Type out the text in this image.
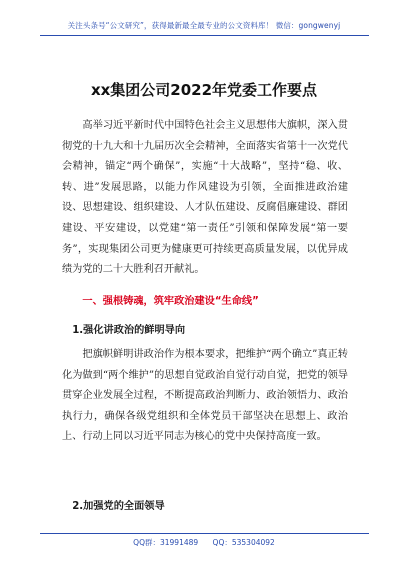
关注头条号“公文研究”，获得最新最全最专业的公文资料库！ 微信：gongwenyj
xx集团公司2022年党委工作要点

高举习近平新时代中国特色社会主义思想伟大旗帜，深入贯彻党的十九大和十九届历次全会精神，全面落实省第十一次党代会精神，锚定“两个确保”，实施“十大战略”，坚持“稳、收、转、进”发展思路，以能力作风建设为引领，全面推进政治建设、思想建设、组织建设、人才队伍建设、反腐倡廉建设、群团建设、平安建设，以党建“第一责任”引领和保障发展“第一要务”，实现集团公司更为健康更可持续更高质量发展，以优异成绩为党的二十大胜利召开献礼。

一、强根铸魂，筑牢政治建设“生命线”
1.强化讲政治的鲜明导向

把旗帜鲜明讲政治作为根本要求，把维护“两个确立”真正转化为做到“两个维护”的思想自觉政治自觉行动自觉，把党的领导贯穿企业发展全过程，不断提高政治判断力、政治领悟力、政治执行力，确保各级党组织和全体党员干部坚决在思想上、政治上、行动上同以习近平同志为核心的党中央保持高度一致。

2.加强党的全面领导
QQ群：31991489 QQ：535304092
